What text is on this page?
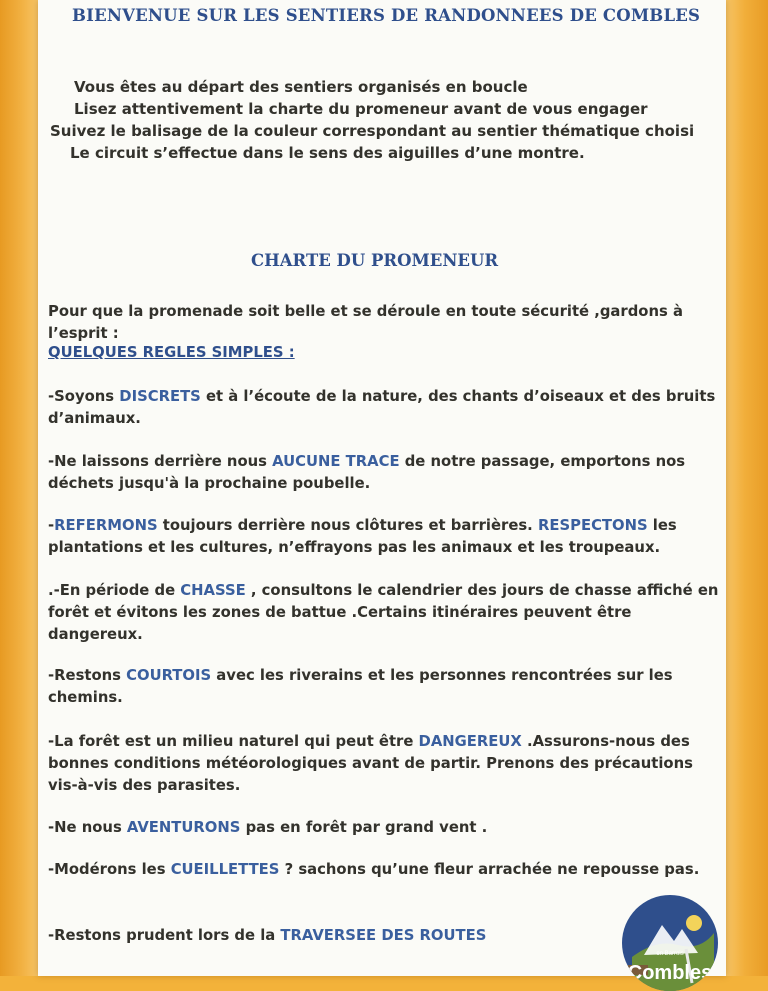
BIENVENUE SUR LES SENTIERS DE RANDONNEES DE COMBLES
Vous êtes au départ des sentiers organisés en boucle
Lisez attentivement la charte du promeneur avant de vous engager
Suivez le balisage de la couleur correspondant au sentier thématique choisi
Le circuit s’effectue dans le sens des aiguilles d’une montre.
CHARTE DU PROMENEUR
Pour que la promenade soit belle et se déroule en toute sécurité ,gardons à l’esprit :
QUELQUES REGLES SIMPLES :
-Soyons DISCRETS et à l’écoute de la nature, des chants d’oiseaux et des bruits d’animaux.
-Ne laissons derrière nous AUCUNE TRACE de notre passage, emportons nos déchets jusqu'à la prochaine poubelle.
-REFERMONS toujours derrière nous clôtures et barrières. RESPECTONS les plantations et les cultures, n’effrayons pas les animaux et les troupeaux.
.-En période de CHASSE , consultons le calendrier des jours de chasse affiché en forêt et évitons les zones de battue .Certains itinéraires peuvent être dangereux.
-Restons COURTOIS avec les riverains et les personnes rencontrées sur les chemins.
-La forêt est un milieu naturel qui peut être DANGEREUX .Assurons-nous des bonnes conditions météorologiques avant de partir. Prenons des précautions vis-à-vis des parasites.
-Ne nous AVENTURONS pas en forêt par grand vent .
-Modérons les CUEILLETTES ? sachons qu’une fleur arrachée ne repousse pas.
-Restons prudent lors de la TRAVERSEE DES ROUTES
en Barrois
Combles
